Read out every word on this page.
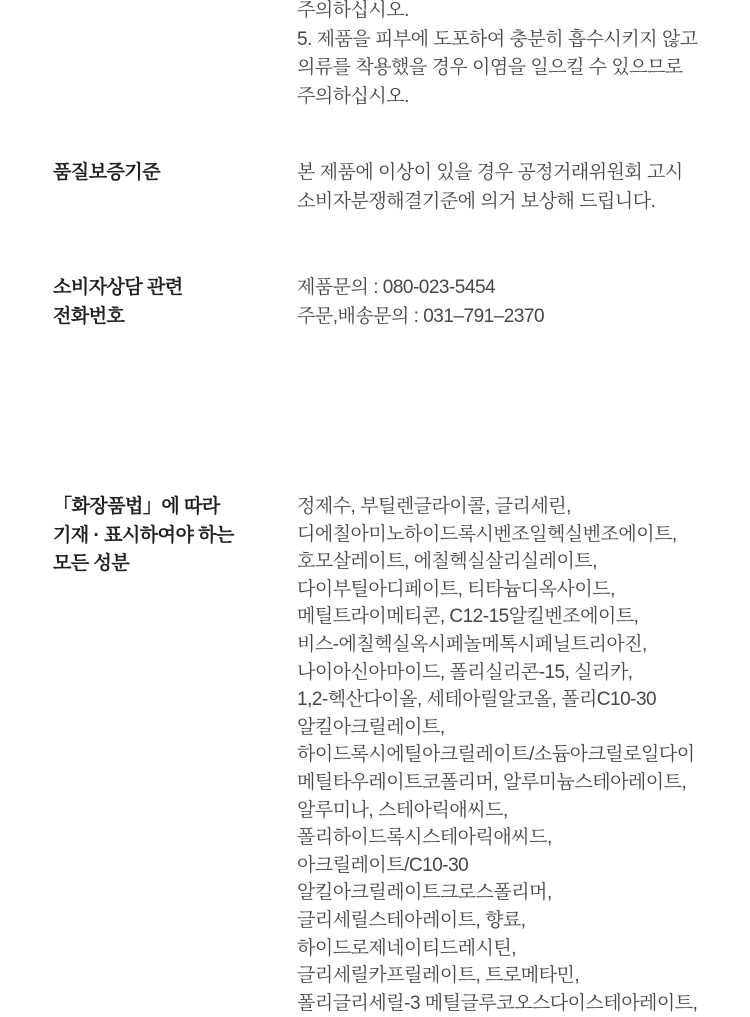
주의하십시오.
5. 제품을 피부에 도포하여 충분히 흡수시키지 않고
의류를 착용했을 경우 이염을 일으킬 수 있으므로
주의하십시오.
품질보증기준	본 제품에 이상이 있을 경우 공정거래위원회 고시
소비자분쟁해결기준에 의거 보상해 드립니다.
소비자상담 관련
전화번호
제품문의 : 080-023-5454
주문,배송문의 : 031–791–2370
「화장품법」에 따라
기재 · 표시하여야 하는
모든 성분
정제수, 부틸렌글라이콜, 글리세린,
디에칠아미노하이드록시벤조일헥실벤조에이트,
호모살레이트, 에칠헥실살리실레이트,
다이부틸아디페이트, 티타늄디옥사이드,
메틸트라이메티콘, C12-15알킬벤조에이트,
비스-에칠헥실옥시페놀메톡시페닐트리아진,
나이아신아마이드, 폴리실리콘-15, 실리카,
1,2-헥산다이올, 세테아릴알코올, 폴리C10-30
알킬아크릴레이트,
하이드록시에틸아크릴레이트/소듐아크릴로일다이
메틸타우레이트코폴리머, 알루미늄스테아레이트,
알루미나, 스테아릭애씨드,
폴리하이드록시스테아릭애씨드,
아크릴레이트/C10-30
알킬아크릴레이트크로스폴리머,
글리세릴스테아레이트, 향료,
하이드로제네이티드레시틴,
글리세릴카프릴레이트, 트로메타민,
폴리글리세릴-3 메틸글루코오스다이스테아레이트,
